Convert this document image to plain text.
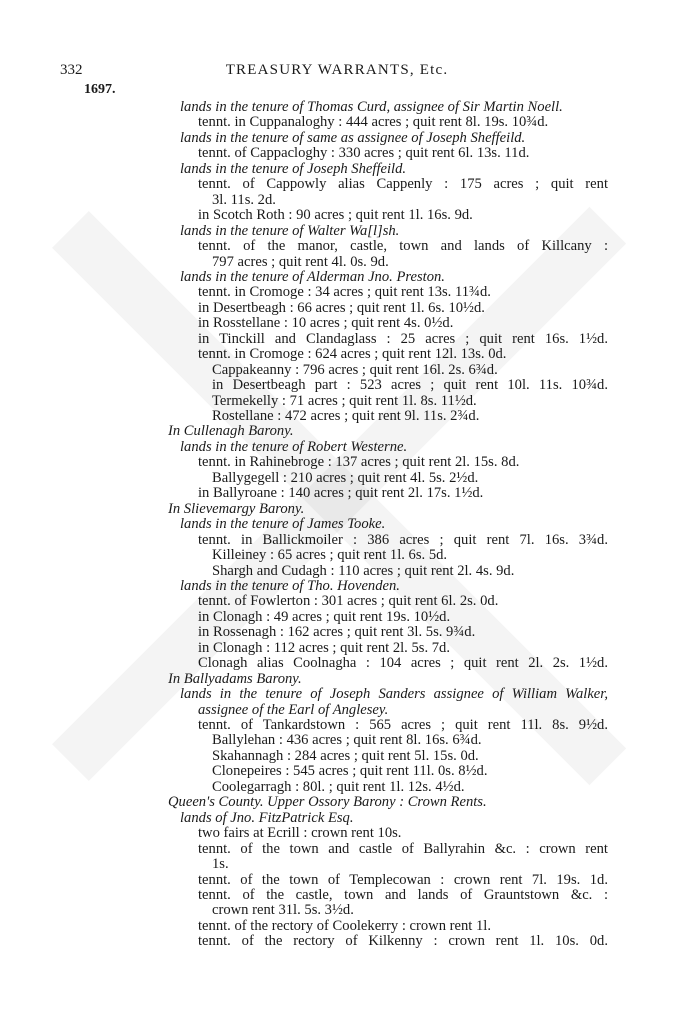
332	TREASURY WARRANTS, Etc.
1697.
lands in the tenure of Thomas Curd, assignee of Sir Martin Noell.
tennt. in Cuppanaloghy : 444 acres ; quit rent 8l. 19s. 10¾d.
lands in the tenure of same as assignee of Joseph Sheffeild.
tennt. of Cappacloghy : 330 acres ; quit rent 6l. 13s. 11d.
lands in the tenure of Joseph Sheffeild.
tennt. of Cappowly alias Cappenly : 175 acres ; quit rent
3l. 11s. 2d.
in Scotch Roth : 90 acres ; quit rent 1l. 16s. 9d.
lands in the tenure of Walter Wa[l]sh.
tennt. of the manor, castle, town and lands of Killcany :
797 acres ; quit rent 4l. 0s. 9d.
lands in the tenure of Alderman Jno. Preston.
tennt. in Cromoge : 34 acres ; quit rent 13s. 11¾d.
in Desertbeagh : 66 acres ; quit rent 1l. 6s. 10½d.
in Rosstellane : 10 acres ; quit rent 4s. 0½d.
in Tinckill and Clandaglass : 25 acres ; quit rent 16s. 1½d.
tennt. in Cromoge : 624 acres ; quit rent 12l. 13s. 0d.
Cappakeanny : 796 acres ; quit rent 16l. 2s. 6¾d.
in Desertbeagh part : 523 acres ; quit rent 10l. 11s. 10¾d.
Termekelly : 71 acres ; quit rent 1l. 8s. 11½d.
Rostellane : 472 acres ; quit rent 9l. 11s. 2¾d.
In Cullenagh Barony.
lands in the tenure of Robert Westerne.
tennt. in Rahinebroge : 137 acres ; quit rent 2l. 15s. 8d.
Ballygegell : 210 acres ; quit rent 4l. 5s. 2½d.
in Ballyroane : 140 acres ; quit rent 2l. 17s. 1½d.
In Slievemargy Barony.
lands in the tenure of James Tooke.
tennt. in Ballickmoiler : 386 acres ; quit rent 7l. 16s. 3¾d.
Killeiney : 65 acres ; quit rent 1l. 6s. 5d.
Shargh and Cudagh : 110 acres ; quit rent 2l. 4s. 9d.
lands in the tenure of Tho. Hovenden.
tennt. of Fowlerton : 301 acres ; quit rent 6l. 2s. 0d.
in Clonagh : 49 acres ; quit rent 19s. 10½d.
in Rossenagh : 162 acres ; quit rent 3l. 5s. 9¾d.
in Clonagh : 112 acres ; quit rent 2l. 5s. 7d.
Clonagh alias Coolnagha : 104 acres ; quit rent 2l. 2s. 1½d.
In Ballyadams Barony.
lands in the tenure of Joseph Sanders assignee of William Walker,
assignee of the Earl of Anglesey.
tennt. of Tankardstown : 565 acres ; quit rent 11l. 8s. 9½d.
Ballylehan : 436 acres ; quit rent 8l. 16s. 6¾d.
Skahannagh : 284 acres ; quit rent 5l. 15s. 0d.
Clonepeires : 545 acres ; quit rent 11l. 0s. 8½d.
Coolegarragh : 80l. ; quit rent 1l. 12s. 4½d.
Queen's County. Upper Ossory Barony : Crown Rents.
lands of Jno. FitzPatrick Esq.
two fairs at Ecrill : crown rent 10s.
tennt. of the town and castle of Ballyrahin &c. : crown rent
1s.
tennt. of the town of Templecowan : crown rent 7l. 19s. 1d.
tennt. of the castle, town and lands of Grauntstown &c. :
crown rent 31l. 5s. 3½d.
tennt. of the rectory of Coolekerry : crown rent 1l.
tennt. of the rectory of Kilkenny : crown rent 1l. 10s. 0d.
